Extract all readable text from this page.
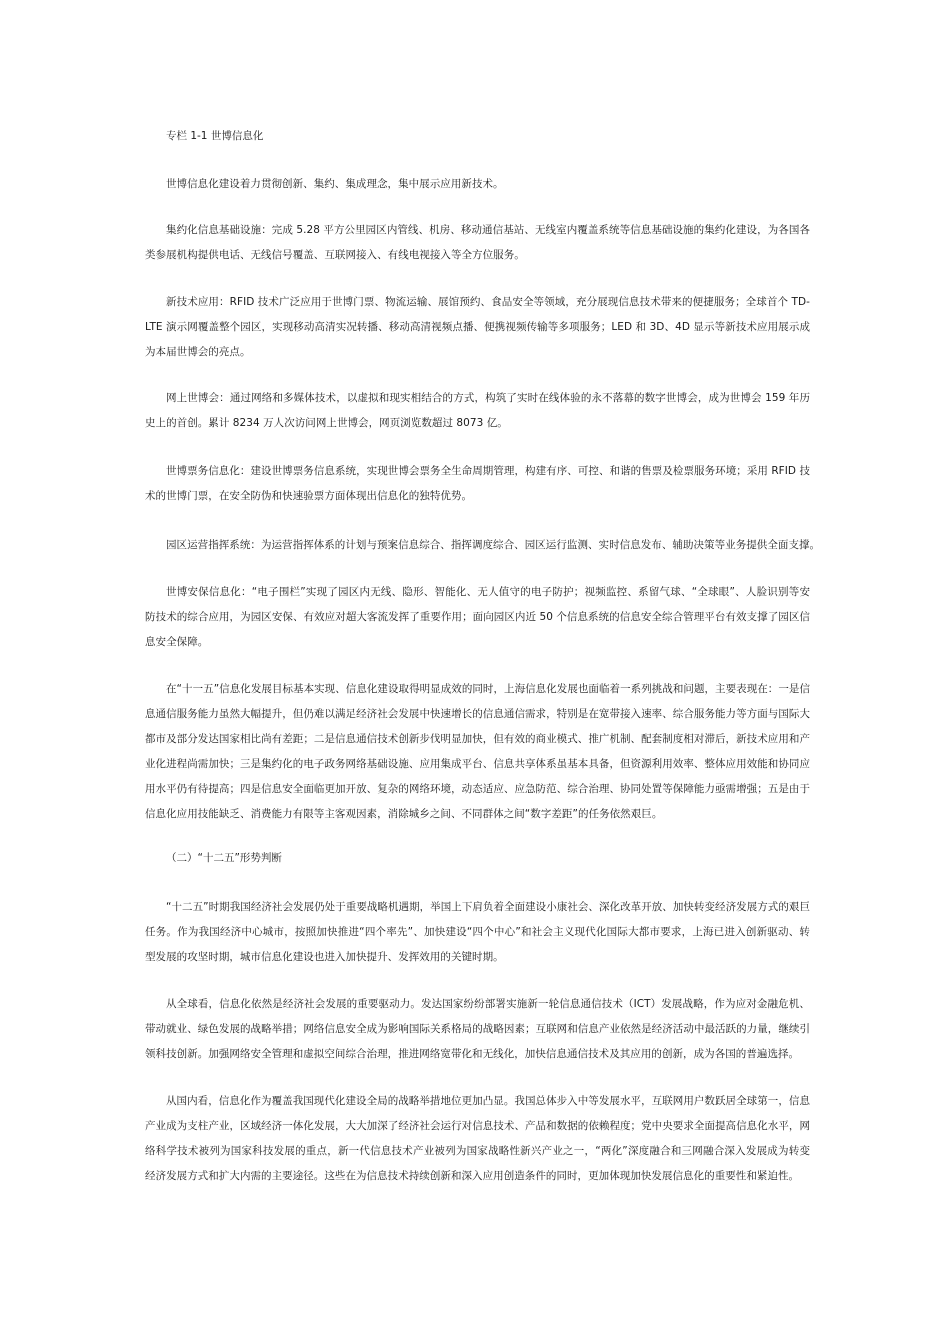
专栏 1-1 世博信息化

世博信息化建设着力贯彻创新、集约、集成理念，集中展示应用新技术。

集约化信息基础设施：完成 5.28 平方公里园区内管线、机房、移动通信基站、无线室内覆盖系统等信息基础设施的集约化建设，为各国各类参展机构提供电话、无线信号覆盖、互联网接入、有线电视接入等全方位服务。

新技术应用：RFID 技术广泛应用于世博门票、物流运输、展馆预约、食品安全等领域，充分展现信息技术带来的便捷服务；全球首个 TD-LTE 演示网覆盖整个园区，实现移动高清实况转播、移动高清视频点播、便携视频传输等多项服务；LED 和 3D、4D 显示等新技术应用展示成为本届世博会的亮点。

网上世博会：通过网络和多媒体技术，以虚拟和现实相结合的方式，构筑了实时在线体验的永不落幕的数字世博会，成为世博会 159 年历史上的首创。累计 8234 万人次访问网上世博会，网页浏览数超过 8073 亿。

世博票务信息化：建设世博票务信息系统，实现世博会票务全生命周期管理，构建有序、可控、和谐的售票及检票服务环境；采用 RFID 技术的世博门票，在安全防伪和快速验票方面体现出信息化的独特优势。

园区运营指挥系统：为运营指挥体系的计划与预案信息综合、指挥调度综合、园区运行监测、实时信息发布、辅助决策等业务提供全面支撑。

世博安保信息化：“电子围栏”实现了园区内无线、隐形、智能化、无人值守的电子防护；视频监控、系留气球、“全球眼”、人脸识别等安防技术的综合应用，为园区安保、有效应对超大客流发挥了重要作用；面向园区内近 50 个信息系统的信息安全综合管理平台有效支撑了园区信息安全保障。

在“十一五”信息化发展目标基本实现、信息化建设取得明显成效的同时，上海信息化发展也面临着一系列挑战和问题，主要表现在：一是信息通信服务能力虽然大幅提升，但仍难以满足经济社会发展中快速增长的信息通信需求，特别是在宽带接入速率、综合服务能力等方面与国际大都市及部分发达国家相比尚有差距；二是信息通信技术创新步伐明显加快，但有效的商业模式、推广机制、配套制度相对滞后，新技术应用和产业化进程尚需加快；三是集约化的电子政务网络基础设施、应用集成平台、信息共享体系虽基本具备，但资源利用效率、整体应用效能和协同应用水平仍有待提高；四是信息安全面临更加开放、复杂的网络环境，动态适应、应急防范、综合治理、协同处置等保障能力亟需增强；五是由于信息化应用技能缺乏、消费能力有限等主客观因素，消除城乡之间、不同群体之间“数字差距”的任务依然艰巨。

（二）“十二五”形势判断

“十二五”时期我国经济社会发展仍处于重要战略机遇期，举国上下肩负着全面建设小康社会、深化改革开放、加快转变经济发展方式的艰巨任务。作为我国经济中心城市，按照加快推进“四个率先”、加快建设“四个中心”和社会主义现代化国际大都市要求，上海已进入创新驱动、转型发展的攻坚时期，城市信息化建设也进入加快提升、发挥效用的关键时期。

从全球看，信息化依然是经济社会发展的重要驱动力。发达国家纷纷部署实施新一轮信息通信技术（ICT）发展战略，作为应对金融危机、带动就业、绿色发展的战略举措；网络信息安全成为影响国际关系格局的战略因素；互联网和信息产业依然是经济活动中最活跃的力量，继续引领科技创新。加强网络安全管理和虚拟空间综合治理，推进网络宽带化和无线化，加快信息通信技术及其应用的创新，成为各国的普遍选择。

从国内看，信息化作为覆盖我国现代化建设全局的战略举措地位更加凸显。我国总体步入中等发展水平，互联网用户数跃居全球第一，信息产业成为支柱产业，区域经济一体化发展，大大加深了经济社会运行对信息技术、产品和数据的依赖程度；党中央要求全面提高信息化水平，网络科学技术被列为国家科技发展的重点，新一代信息技术产业被列为国家战略性新兴产业之一，“两化”深度融合和三网融合深入发展成为转变经济发展方式和扩大内需的主要途径。这些在为信息技术持续创新和深入应用创造条件的同时，更加体现加快发展信息化的重要性和紧迫性。
